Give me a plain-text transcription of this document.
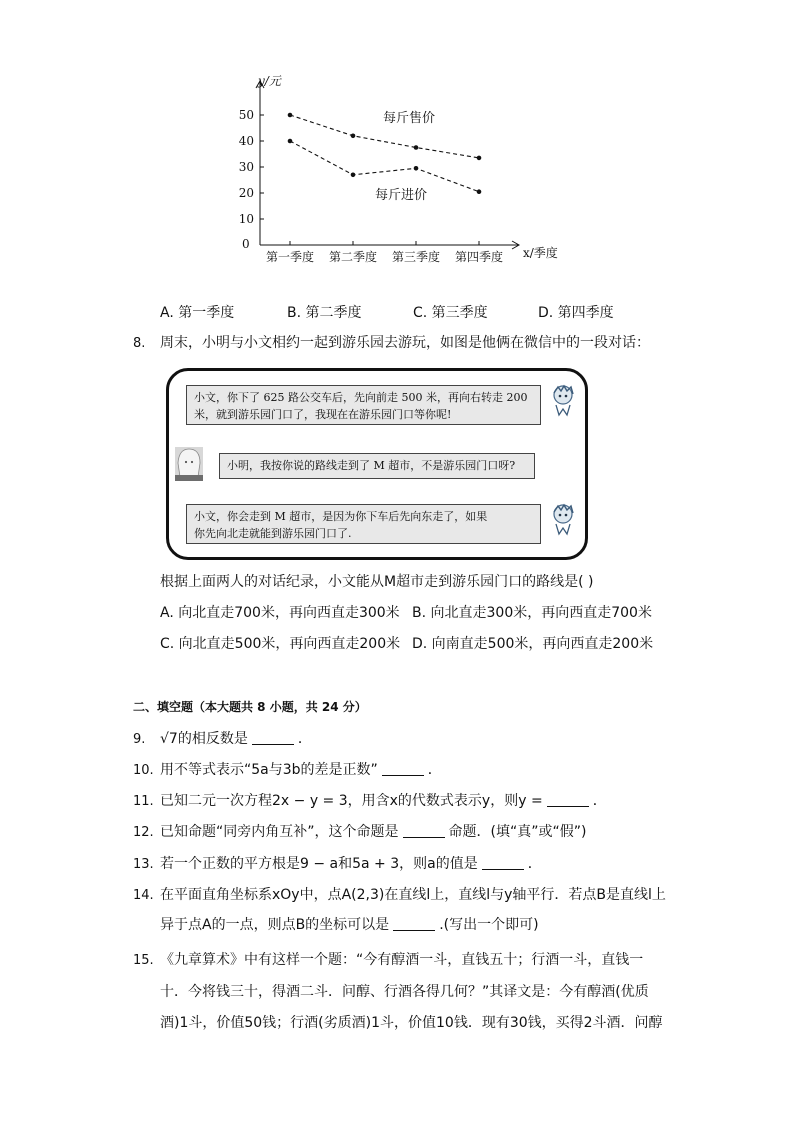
y/元
x/季度
0
10
20
30
40
50
第一季度 第二季度 第三季度 第四季度
每斤售价
每斤进价
A. 第一季度	B. 第二季度	C. 第三季度	D. 第四季度
8. 周末，小明与小文相约一起到游乐园去游玩，如图是他俩在微信中的一段对话：
小文，你下了 625 路公交车后，先向前走 500 米，再向右转走 200
米，就到游乐园门口了，我现在在游乐园门口等你呢!
小明，我按你说的路线走到了 M 超市，不是游乐园门口呀?
小文，你会走到 M 超市，是因为你下车后先向东走了，如果
你先向北走就能到游乐园门口了.
根据上面两人的对话纪录，小文能从M超市走到游乐园门口的路线是( )
A. 向北直走700米，再向西直走300米 B. 向北直走300米，再向西直走700米
C. 向北直走500米，再向西直走200米 D. 向南直走500米，再向西直走200米
二、填空题（本大题共 8 小题，共 24 分）
9. √7的相反数是	．
10. 用不等式表示“5a与3b的差是正数”	．
11. 已知二元一次方程2x − y = 3，用含x的代数式表示y，则y =	．
12. 已知命题“同旁内角互补”，这个命题是	命题．(填“真”或“假”)
13. 若一个正数的平方根是9 − a和5a + 3，则a的值是	．
14. 在平面直角坐标系xOy中，点A(2,3)在直线l上，直线l与y轴平行．若点B是直线l上
异于点A的一点，则点B的坐标可以是	.(写出一个即可)
15. 《九章算术》中有这样一个题：“今有醇酒一斗，直钱五十；行酒一斗，直钱一
十．今将钱三十，得酒二斗．问醇、行酒各得几何？”其译文是：今有醇酒(优质
酒)1斗，价值50钱；行酒(劣质酒)1斗，价值10钱．现有30钱，买得2斗酒．问醇
